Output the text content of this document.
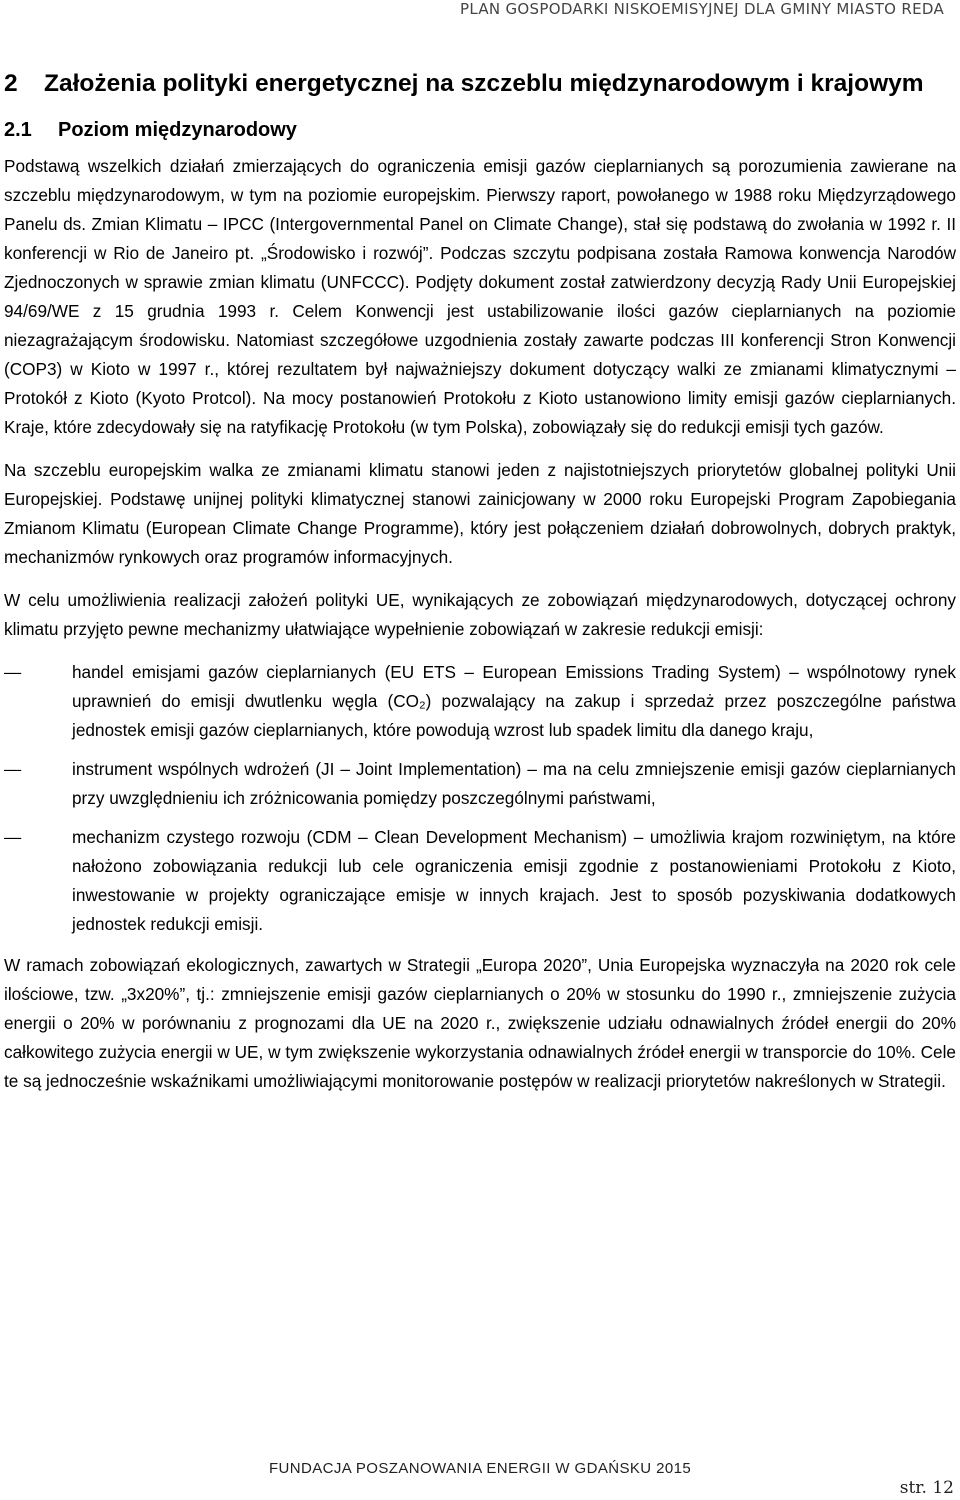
PLAN GOSPODARKI NISKOEMISYJNEJ DLA GMINY MIASTO REDA
2	Założenia polityki energetycznej na szczeblu międzynarodowym i krajowym
2.1	Poziom międzynarodowy

Podstawą wszelkich działań zmierzających do ograniczenia emisji gazów cieplarnianych są porozumienia zawierane na szczeblu międzynarodowym, w tym na poziomie europejskim. Pierwszy raport, powołanego w 1988 roku Międzyrządowego Panelu ds. Zmian Klimatu – IPCC (Intergovernmental Panel on Climate Change), stał się podstawą do zwołania w 1992 r. II konferencji w Rio de Janeiro pt. „Środowisko i rozwój”. Podczas szczytu podpisana została Ramowa konwencja Narodów Zjednoczonych w sprawie zmian klimatu (UNFCCC). Podjęty dokument został zatwierdzony decyzją Rady Unii Europejskiej 94/69/WE z 15 grudnia 1993 r. Celem Konwencji jest ustabilizowanie ilości gazów cieplarnianych na poziomie niezagrażającym środowisku. Natomiast szczegółowe uzgodnienia zostały zawarte podczas III konferencji Stron Konwencji (COP3) w Kioto w 1997 r., której rezultatem był najważniejszy dokument dotyczący walki ze zmianami klimatycznymi – Protokół z Kioto (Kyoto Protcol). Na mocy postanowień Protokołu z Kioto ustanowiono limity emisji gazów cieplarnianych. Kraje, które zdecydowały się na ratyfikację Protokołu (w tym Polska), zobowiązały się do redukcji emisji tych gazów.

Na szczeblu europejskim walka ze zmianami klimatu stanowi jeden z najistotniejszych priorytetów globalnej polityki Unii Europejskiej. Podstawę unijnej polityki klimatycznej stanowi zainicjowany w 2000 roku Europejski Program Zapobiegania Zmianom Klimatu (European Climate Change Programme), który jest połączeniem działań dobrowolnych, dobrych praktyk, mechanizmów rynkowych oraz programów informacyjnych.

W celu umożliwienia realizacji założeń polityki UE, wynikających ze zobowiązań międzynarodowych, dotyczącej ochrony klimatu przyjęto pewne mechanizmy ułatwiające wypełnienie zobowiązań w zakresie redukcji emisji:

—	handel emisjami gazów cieplarnianych (EU ETS – European Emissions Trading System) – wspólnotowy rynek uprawnień do emisji dwutlenku węgla (CO₂) pozwalający na zakup i sprzedaż przez poszczególne państwa jednostek emisji gazów cieplarnianych, które powodują wzrost lub spadek limitu dla danego kraju,
—	instrument wspólnych wdrożeń (JI – Joint Implementation) – ma na celu zmniejszenie emisji gazów cieplarnianych przy uwzględnieniu ich zróżnicowania pomiędzy poszczególnymi państwami,
—	mechanizm czystego rozwoju (CDM – Clean Development Mechanism) – umożliwia krajom rozwiniętym, na które nałożono zobowiązania redukcji lub cele ograniczenia emisji zgodnie z postanowieniami Protokołu z Kioto, inwestowanie w projekty ograniczające emisje w innych krajach. Jest to sposób pozyskiwania dodatkowych jednostek redukcji emisji.

W ramach zobowiązań ekologicznych, zawartych w Strategii „Europa 2020”, Unia Europejska wyznaczyła na 2020 rok cele ilościowe, tzw. „3x20%”, tj.: zmniejszenie emisji gazów cieplarnianych o 20% w stosunku do 1990 r., zmniejszenie zużycia energii o 20% w porównaniu z prognozami dla UE na 2020 r., zwiększenie udziału odnawialnych źródeł energii do 20% całkowitego zużycia energii w UE, w tym zwiększenie wykorzystania odnawialnych źródeł energii w transporcie do 10%. Cele te są jednocześnie wskaźnikami umożliwiającymi monitorowanie postępów w realizacji priorytetów nakreślonych w Strategii.

FUNDACJA POSZANOWANIA ENERGII W GDAŃSKU 2015
str. 12
